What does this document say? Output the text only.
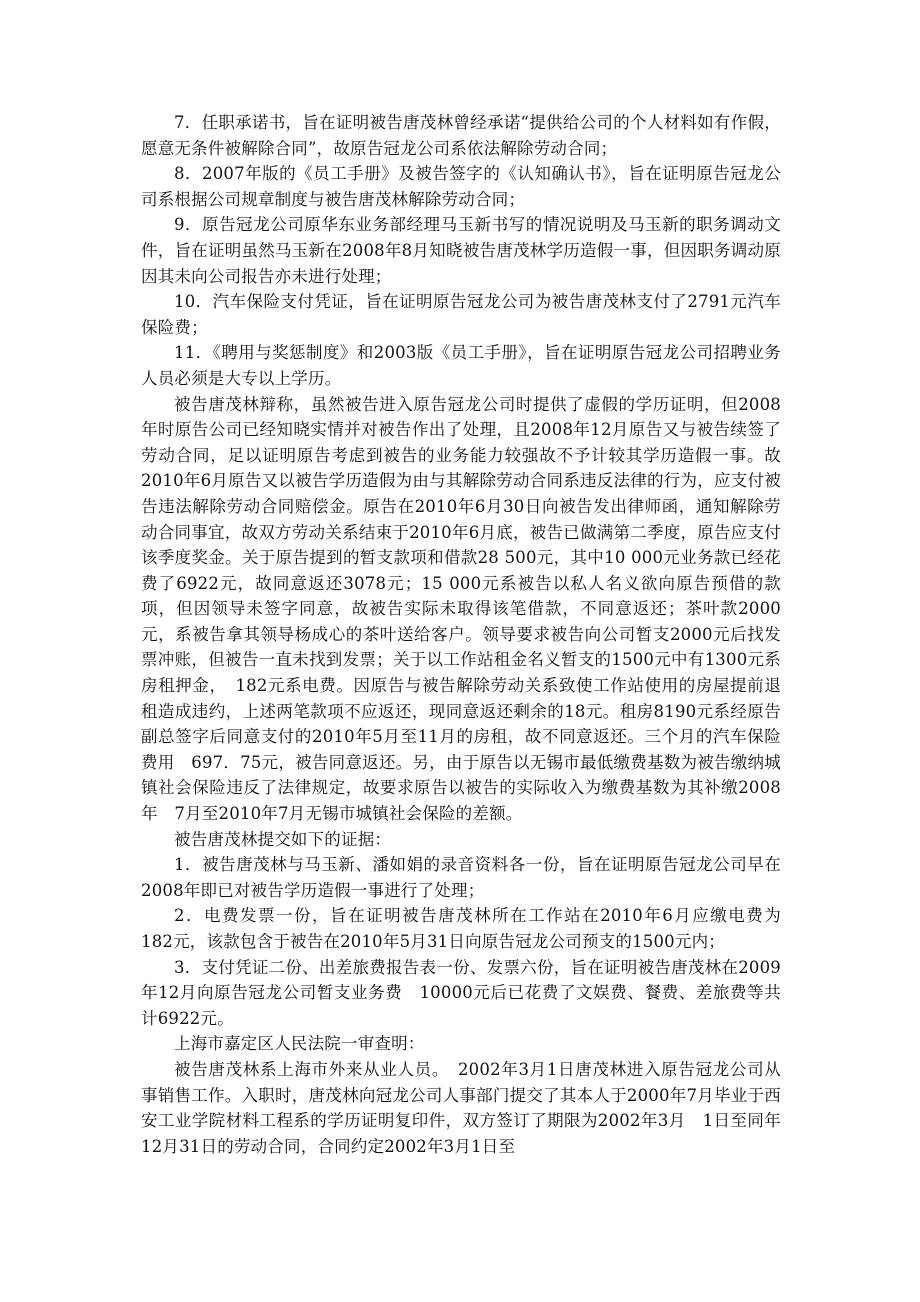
7．任职承诺书，旨在证明被告唐茂林曾经承诺“提供给公司的个人材料如有作假，愿意无条件被解除合同”，故原告冠龙公司系依法解除劳动合同；

8．2007年版的《员工手册》及被告签字的《认知确认书》，旨在证明原告冠龙公司系根据公司规章制度与被告唐茂林解除劳动合同；

9．原告冠龙公司原华东业务部经理马玉新书写的情况说明及马玉新的职务调动文件，旨在证明虽然马玉新在2008年8月知晓被告唐茂林学历造假一事，但因职务调动原因其未向公司报告亦未进行处理；

10．汽车保险支付凭证，旨在证明原告冠龙公司为被告唐茂林支付了2791元汽车保险费；

11．《聘用与奖惩制度》和2003版《员工手册》，旨在证明原告冠龙公司招聘业务人员必须是大专以上学历。

被告唐茂林辩称，虽然被告进入原告冠龙公司时提供了虚假的学历证明，但2008年时原告公司已经知晓实情并对被告作出了处理，且2008年12月原告又与被告续签了劳动合同，足以证明原告考虑到被告的业务能力较强故不予计较其学历造假一事。故2010年6月原告又以被告学历造假为由与其解除劳动合同系违反法律的行为，应支付被告违法解除劳动合同赔偿金。原告在2010年6月30日向被告发出律师函，通知解除劳动合同事宜，故双方劳动关系结束于2010年6月底，被告已做满第二季度，原告应支付该季度奖金。关于原告提到的暂支款项和借款28 500元，其中10 000元业务款已经花费了6922元，故同意返还3078元；15 000元系被告以私人名义欲向原告预借的款项，但因领导未签字同意，故被告实际未取得该笔借款，不同意返还；茶叶款2000元，系被告拿其领导杨成心的茶叶送给客户。领导要求被告向公司暂支2000元后找发票冲账，但被告一直未找到发票；关于以工作站租金名义暂支的1500元中有1300元系房租押金，　182元系电费。因原告与被告解除劳动关系致使工作站使用的房屋提前退租造成违约，上述两笔款项不应返还，现同意返还剩余的18元。租房8190元系经原告副总签字后同意支付的2010年5月至11月的房租，故不同意返还。三个月的汽车保险费用　697．75元，被告同意返还。另，由于原告以无锡市最低缴费基数为被告缴纳城镇社会保险违反了法律规定，故要求原告以被告的实际收入为缴费基数为其补缴2008年　7月至2010年7月无锡市城镇社会保险的差额。

被告唐茂林提交如下的证据：

1．被告唐茂林与马玉新、潘如娟的录音资料各一份，旨在证明原告冠龙公司早在2008年即已对被告学历造假一事进行了处理；

2．电费发票一份，旨在证明被告唐茂林所在工作站在2010年6月应缴电费为　182元，该款包含于被告在2010年5月31日向原告冠龙公司预支的1500元内；

3．支付凭证二份、出差旅费报告表一份、发票六份，旨在证明被告唐茂林在2009年12月向原告冠龙公司暂支业务费　10000元后已花费了文娱费、餐费、差旅费等共计6922元。

上海市嘉定区人民法院一审查明：

被告唐茂林系上海市外来从业人员。　2002年3月1日唐茂林进入原告冠龙公司从事销售工作。入职时，唐茂林向冠龙公司人事部门提交了其本人于2000年7月毕业于西安工业学院材料工程系的学历证明复印件，双方签订了期限为2002年3月　1日至同年12月31日的劳动合同，合同约定2002年3月1日至
